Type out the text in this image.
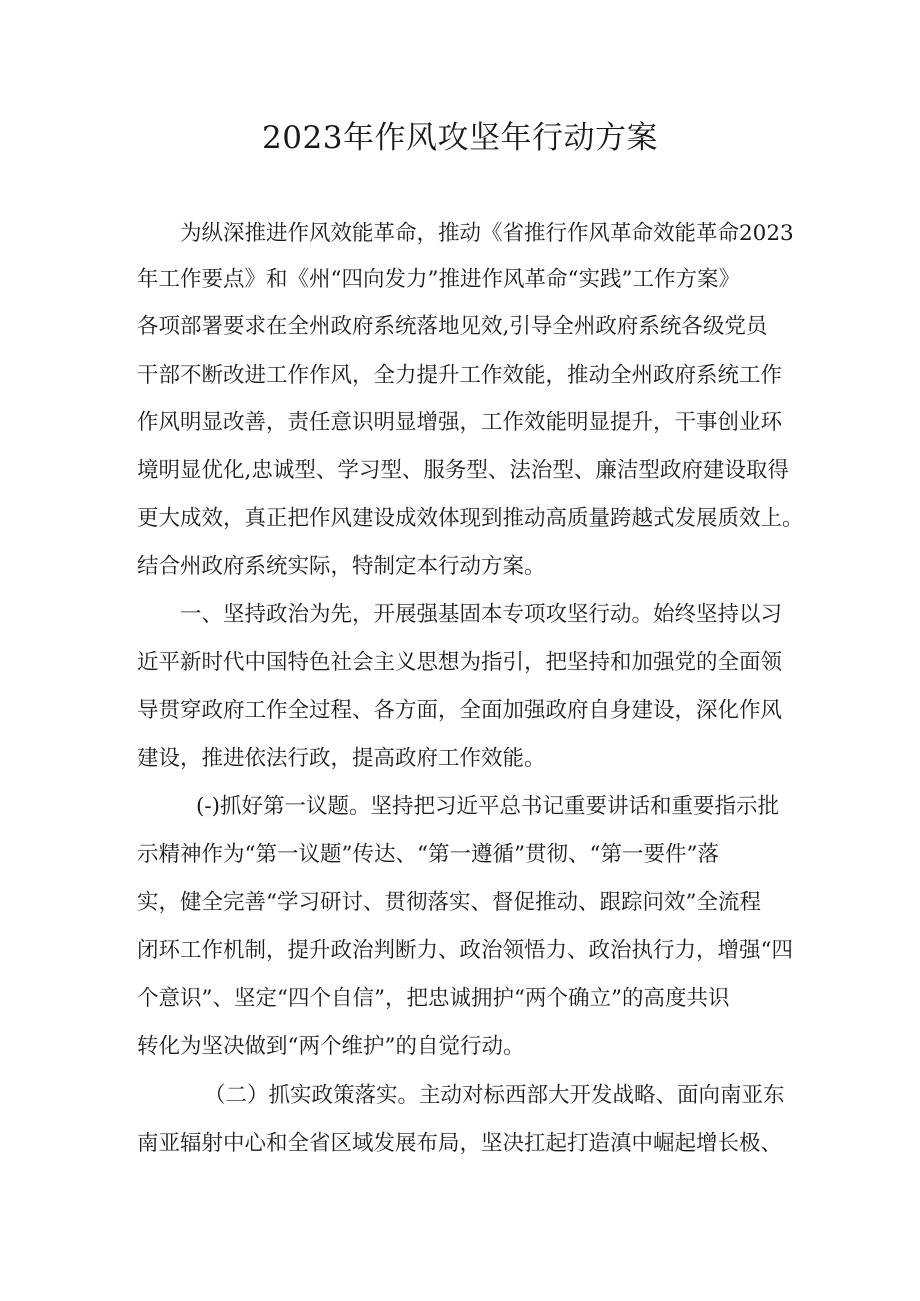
2023年作风攻坚年行动方案
为纵深推进作风效能革命，推动《省推行作风革命效能革命2023
年工作要点》和《州“四向发力”推进作风革命“实践”工作方案》
各项部署要求在全州政府系统落地见效,引导全州政府系统各级党员
干部不断改进工作作风，全力提升工作效能，推动全州政府系统工作
作风明显改善，责任意识明显增强，工作效能明显提升，干事创业环
境明显优化,忠诚型、学习型、服务型、法治型、廉洁型政府建设取得
更大成效，真正把作风建设成效体现到推动高质量跨越式发展质效上。
结合州政府系统实际，特制定本行动方案。
一、坚持政治为先，开展强基固本专项攻坚行动。始终坚持以习
近平新时代中国特色社会主义思想为指引，把坚持和加强党的全面领
导贯穿政府工作全过程、各方面，全面加强政府自身建设，深化作风
建设，推进依法行政，提高政府工作效能。
(-)抓好第一议题。坚持把习近平总书记重要讲话和重要指示批
示精神作为“第一议题”传达、“第一遵循”贯彻、“第一要件”落
实，健全完善“学习研讨、贯彻落实、督促推动、跟踪问效”全流程
闭环工作机制，提升政治判断力、政治领悟力、政治执行力，增强“四
个意识”、坚定“四个自信”，把忠诚拥护“两个确立”的高度共识
转化为坚决做到“两个维护”的自觉行动。
（二）抓实政策落实。主动对标西部大开发战略、面向南亚东
南亚辐射中心和全省区域发展布局，坚决扛起打造滇中崛起增长极、
